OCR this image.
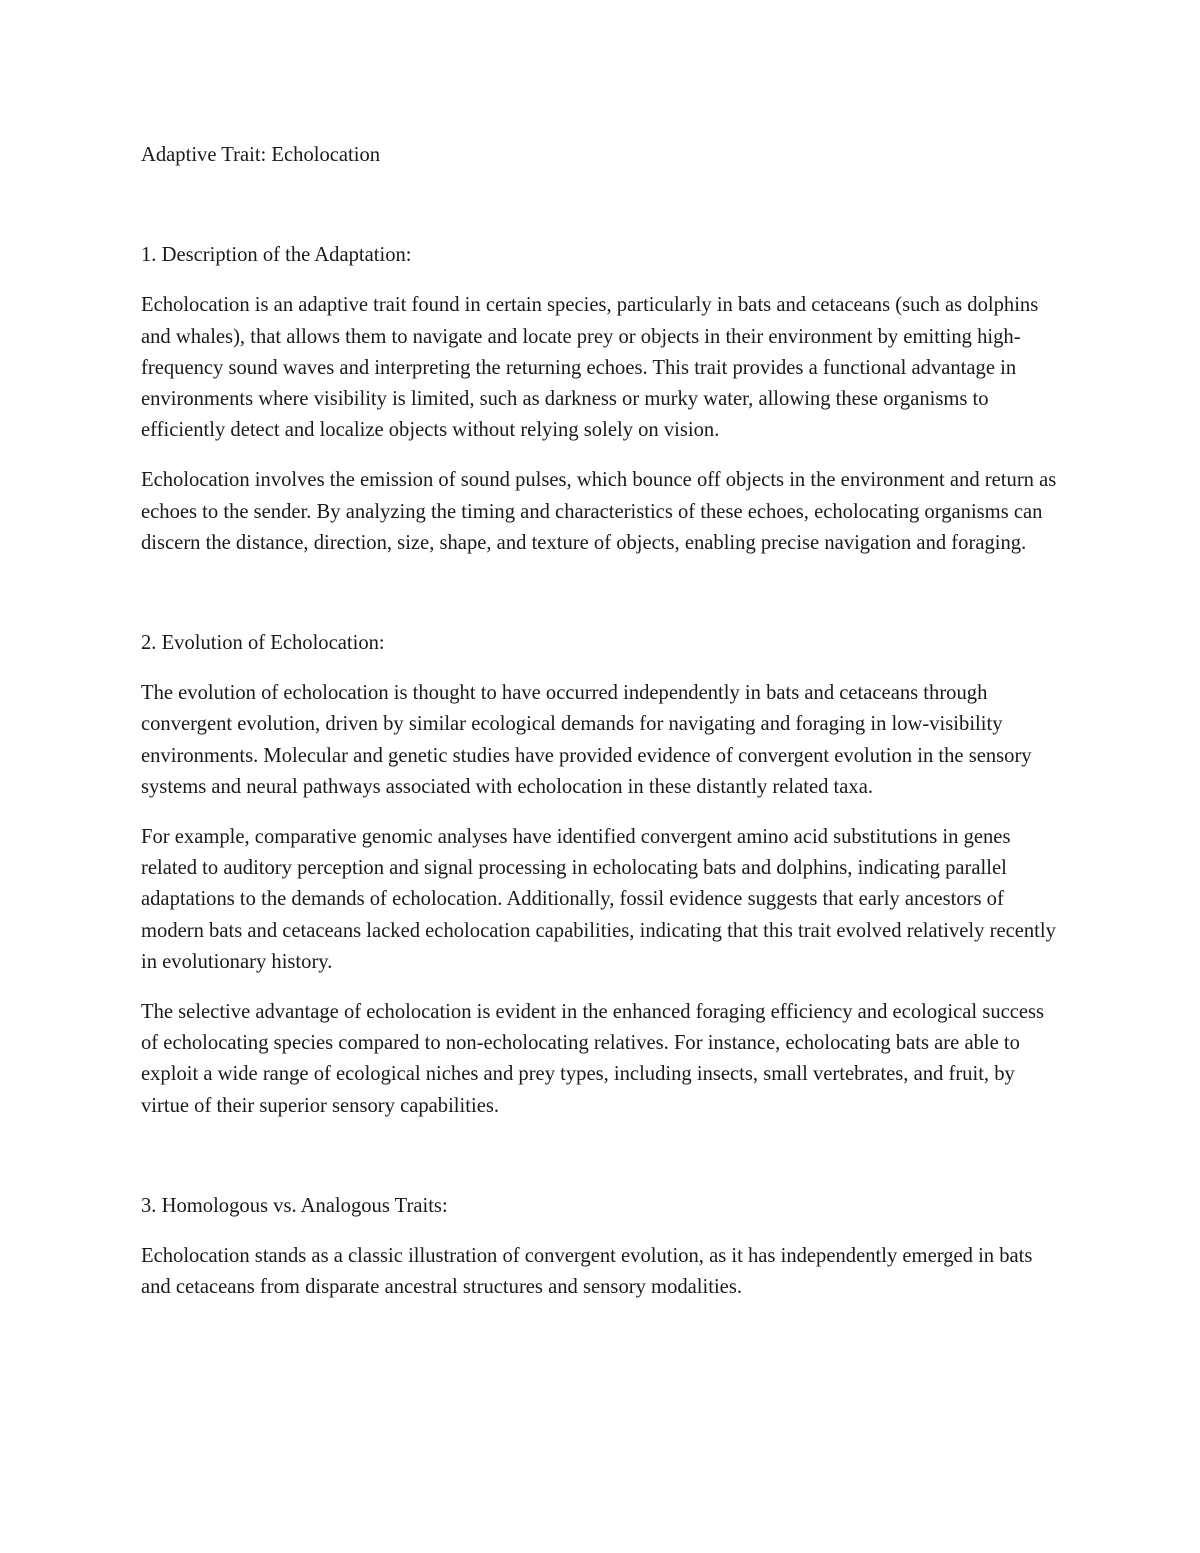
Adaptive Trait: Echolocation
1. Description of the Adaptation:

Echolocation is an adaptive trait found in certain species, particularly in bats and cetaceans (such as dolphins and whales), that allows them to navigate and locate prey or objects in their environment by emitting high-frequency sound waves and interpreting the returning echoes. This trait provides a functional advantage in environments where visibility is limited, such as darkness or murky water, allowing these organisms to efficiently detect and localize objects without relying solely on vision.

Echolocation involves the emission of sound pulses, which bounce off objects in the environment and return as echoes to the sender. By analyzing the timing and characteristics of these echoes, echolocating organisms can discern the distance, direction, size, shape, and texture of objects, enabling precise navigation and foraging.

2. Evolution of Echolocation:

The evolution of echolocation is thought to have occurred independently in bats and cetaceans through convergent evolution, driven by similar ecological demands for navigating and foraging in low-visibility environments. Molecular and genetic studies have provided evidence of convergent evolution in the sensory systems and neural pathways associated with echolocation in these distantly related taxa.

For example, comparative genomic analyses have identified convergent amino acid substitutions in genes related to auditory perception and signal processing in echolocating bats and dolphins, indicating parallel adaptations to the demands of echolocation. Additionally, fossil evidence suggests that early ancestors of modern bats and cetaceans lacked echolocation capabilities, indicating that this trait evolved relatively recently in evolutionary history.

The selective advantage of echolocation is evident in the enhanced foraging efficiency and ecological success of echolocating species compared to non-echolocating relatives. For instance, echolocating bats are able to exploit a wide range of ecological niches and prey types, including insects, small vertebrates, and fruit, by virtue of their superior sensory capabilities.

3. Homologous vs. Analogous Traits:

Echolocation stands as a classic illustration of convergent evolution, as it has independently emerged in bats and cetaceans from disparate ancestral structures and sensory modalities.
